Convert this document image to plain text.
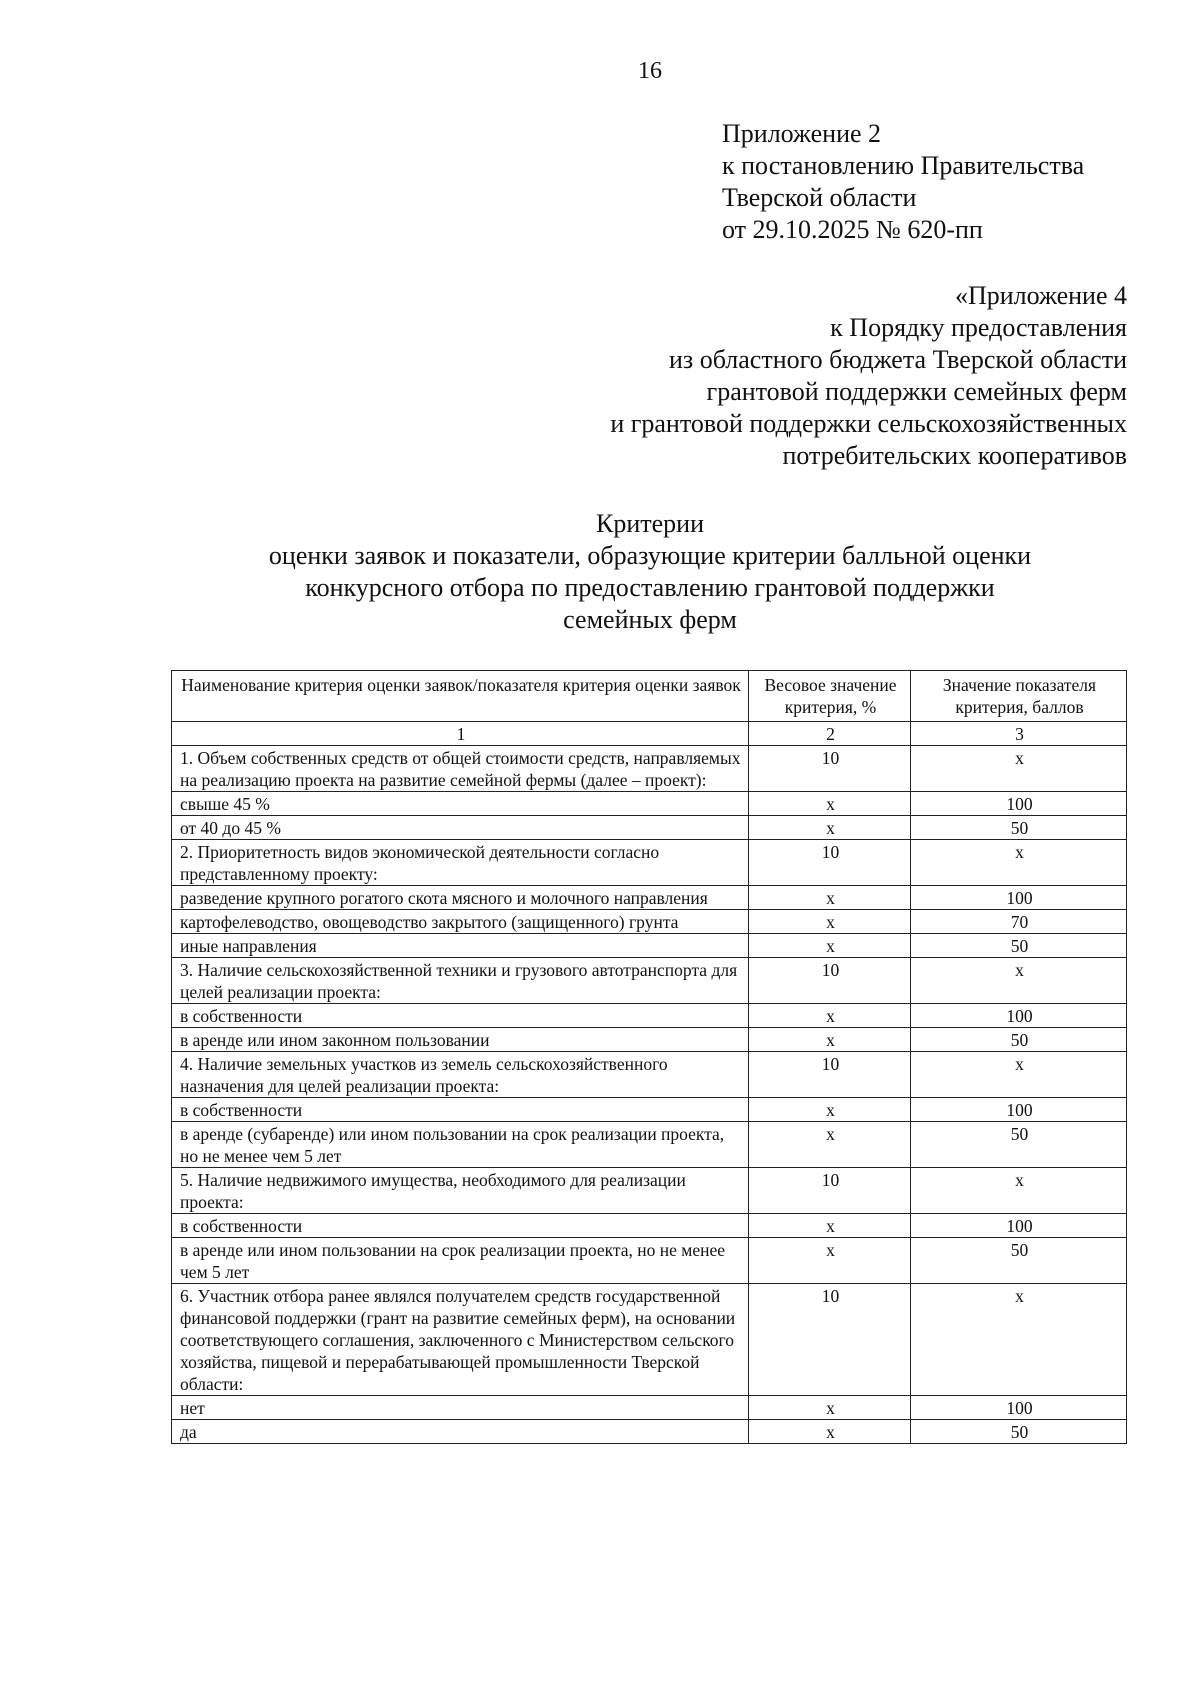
16
Приложение 2
к постановлению Правительства
Тверской области
от 29.10.2025 № 620-пп
«Приложение 4
к Порядку предоставления
из областного бюджета Тверской области
грантовой поддержки семейных ферм
и грантовой поддержки сельскохозяйственных
потребительских кооперативов
Критерии
оценки заявок и показатели, образующие критерии балльной оценки
конкурсного отбора по предоставлению грантовой поддержки
семейных ферм
Наименование критерия оценки заявок/показателя критерия оценки заявок	Весовое значение критерия, %	Значение показателя критерия, баллов
1	2	3
1. Объем собственных средств от общей стоимости средств, направляемых на реализацию проекта на развитие семейной фермы (далее – проект):	10	x
свыше 45 %	x	100
от 40 до 45 %	x	50
2. Приоритетность видов экономической деятельности согласно представленному проекту:	10	x
разведение крупного рогатого скота мясного и молочного направления	x	100
картофелеводство, овощеводство закрытого (защищенного) грунта	x	70
иные направления	x	50
3. Наличие сельскохозяйственной техники и грузового автотранспорта для целей реализации проекта:	10	x
в собственности	x	100
в аренде или ином законном пользовании	x	50
4. Наличие земельных участков из земель сельскохозяйственного назначения для целей реализации проекта:	10	x
в собственности	x	100
в аренде (субаренде) или ином пользовании на срок реализации проекта, но не менее чем 5 лет	x	50
5. Наличие недвижимого имущества, необходимого для реализации проекта:	10	x
в собственности	x	100
в аренде или ином пользовании на срок реализации проекта, но не менее чем 5 лет	x	50
6. Участник отбора ранее являлся получателем средств государственной финансовой поддержки (грант на развитие семейных ферм), на основании соответствующего соглашения, заключенного с Министерством сельского хозяйства, пищевой и перерабатывающей промышленности Тверской области:	10	x
нет	x	100
да	x	50
